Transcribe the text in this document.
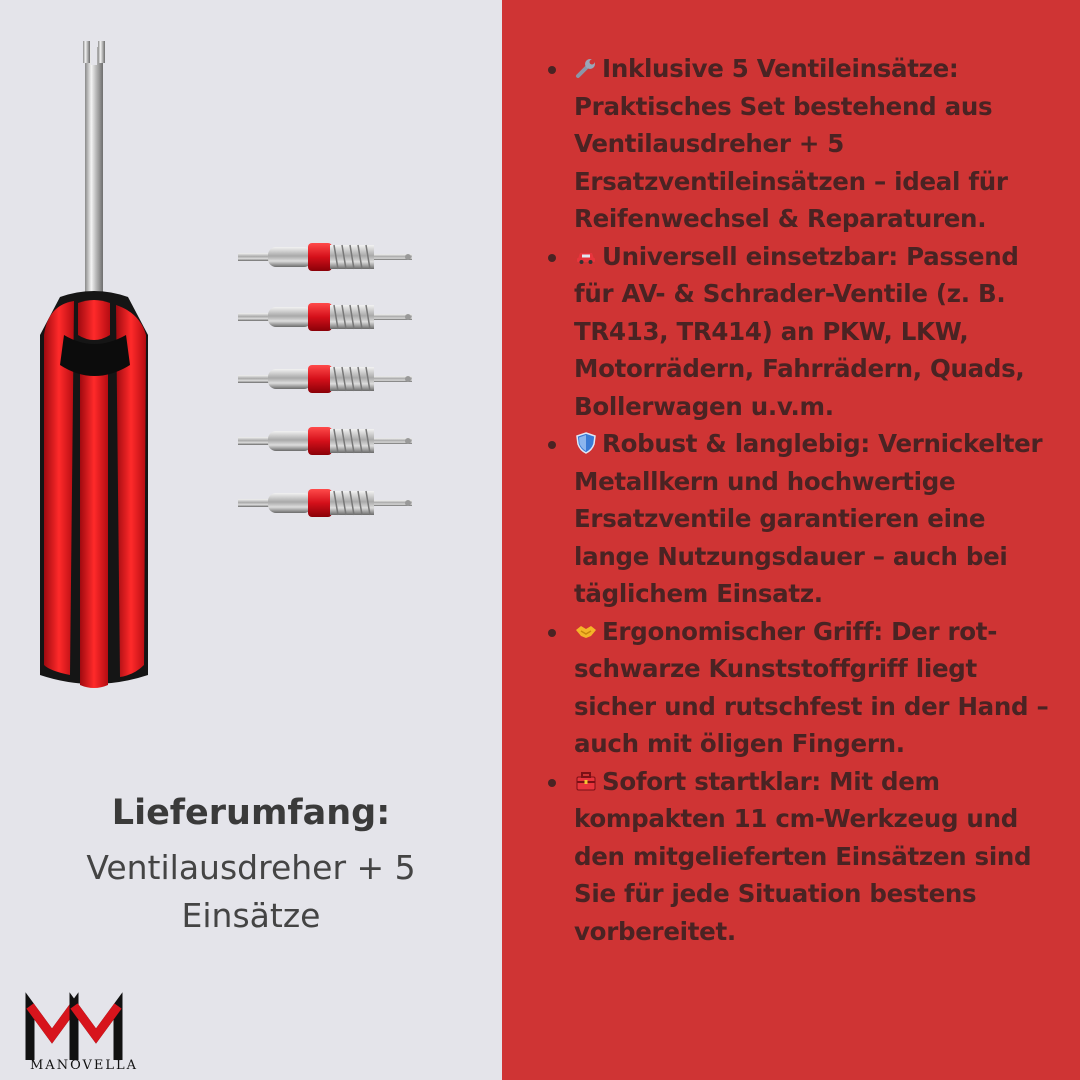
Lieferumfang:
Ventilausdreher + 5 Einsätze
MANOVELLA
Inklusive 5 Ventileinsätze: Praktisches Set bestehend aus Ventilausdreher + 5 Ersatzventileinsätzen – ideal für Reifenwechsel & Reparaturen.
Universell einsetzbar: Passend für AV- & Schrader-Ventile (z. B. TR413, TR414) an PKW, LKW, Motorrädern, Fahrrädern, Quads, Bollerwagen u.v.m.
Robust & langlebig: Vernickelter Metallkern und hochwertige Ersatzventile garantieren eine lange Nutzungsdauer – auch bei täglichem Einsatz.
Ergonomischer Griff: Der rot-schwarze Kunststoffgriff liegt sicher und rutschfest in der Hand – auch mit öligen Fingern.
Sofort startklar: Mit dem kompakten 11 cm-Werkzeug und den mitgelieferten Einsätzen sind Sie für jede Situation bestens vorbereitet.
